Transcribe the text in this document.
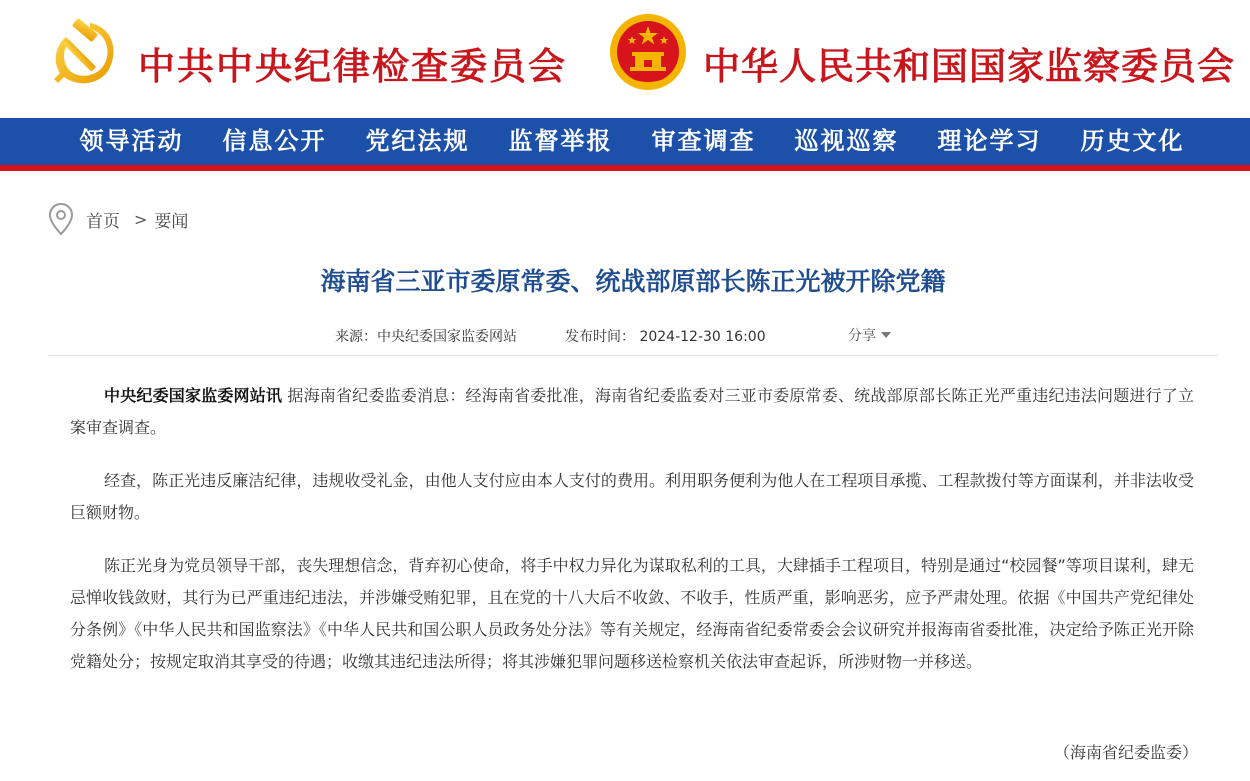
中共中央纪律检查委员会	中华人民共和国国家监察委员会
领导活动	信息公开	党纪法规	监督举报	审查调查	巡视巡察	理论学习	历史文化
首页 > 要闻
海南省三亚市委原常委、统战部原部长陈正光被开除党籍
来源：中央纪委国家监委网站	发布时间： 2024-12-30 16:00	分享

中央纪委国家监委网站讯 据海南省纪委监委消息：经海南省委批准，海南省纪委监委对三亚市委原常委、统战部原部长陈正光严重违纪违法问题进行了立案审查调查。

经查，陈正光违反廉洁纪律，违规收受礼金，由他人支付应由本人支付的费用。利用职务便利为他人在工程项目承揽、工程款拨付等方面谋利，并非法收受巨额财物。

陈正光身为党员领导干部，丧失理想信念，背弃初心使命，将手中权力异化为谋取私利的工具，大肆插手工程项目，特别是通过“校园餐”等项目谋利，肆无忌惮收钱敛财，其行为已严重违纪违法，并涉嫌受贿犯罪，且在党的十八大后不收敛、不收手，性质严重，影响恶劣，应予严肃处理。依据《中国共产党纪律处分条例》《中华人民共和国监察法》《中华人民共和国公职人员政务处分法》等有关规定，经海南省纪委常委会会议研究并报海南省委批准，决定给予陈正光开除党籍处分；按规定取消其享受的待遇；收缴其违纪违法所得；将其涉嫌犯罪问题移送检察机关依法审查起诉，所涉财物一并移送。

（海南省纪委监委）
